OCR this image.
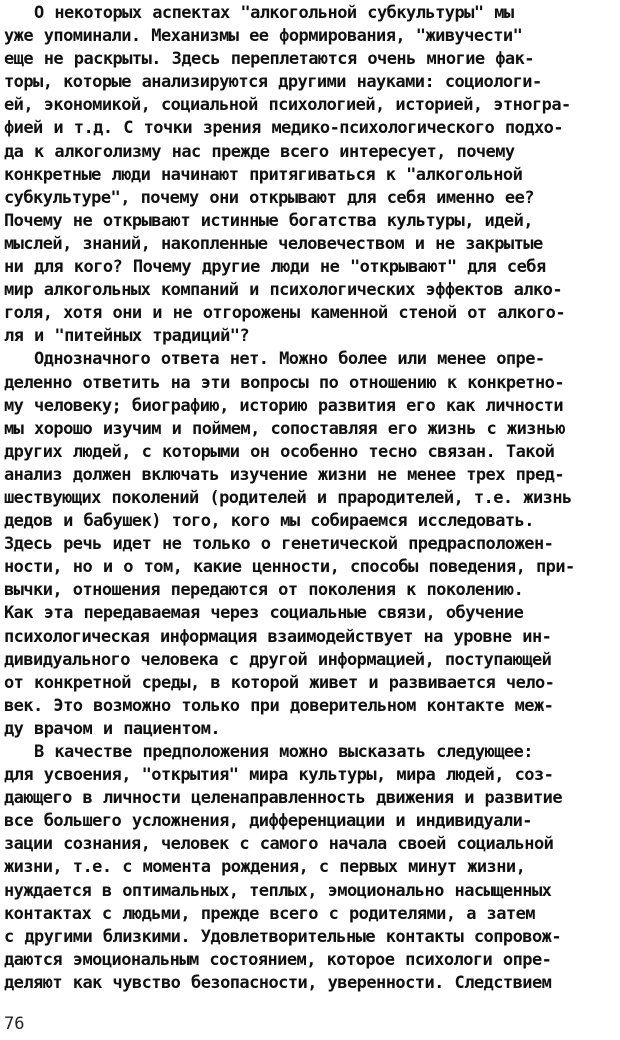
О некоторых аспектах "алкогольной субкультуры" мы
уже упоминали. Механизмы ее формирования, "живучести"
еще не раскрыты. Здесь переплетаются очень многие фак-
торы, которые анализируются другими науками: социологи-
ей, экономикой, социальной психологией, историей, этногра-
фией и т.д. С точки зрения медико-психологического подхо-
да к алкоголизму нас прежде всего интересует, почему
конкретные люди начинают притягиваться к "алкогольной
субкультуре", почему они открывают для себя именно ее?
Почему не открывают истинные богатства культуры, идей,
мыслей, знаний, накопленные человечеством и не закрытые
ни для кого? Почему другие люди не "открывают" для себя
мир алкогольных компаний и психологических эффектов алко-
голя, хотя они и не отгорожены каменной стеной от алкого-
ля и "питейных традиций"?
Однозначного ответа нет. Можно более или менее опре-
деленно ответить на эти вопросы по отношению к конкретно-
му человеку; биографию, историю развития его как личности
мы хорошо изучим и поймем, сопоставляя его жизнь с жизнью
других людей, с которыми он особенно тесно связан. Такой
анализ должен включать изучение жизни не менее трех пред-
шествующих поколений (родителей и прародителей, т.е. жизнь
дедов и бабушек) того, кого мы собираемся исследовать.
Здесь речь идет не только о генетической предрасположен-
ности, но и о том, какие ценности, способы поведения, при-
вычки, отношения передаются от поколения к поколению.
Как эта передаваемая через социальные связи, обучение
психологическая информация взаимодействует на уровне ин-
дивидуального человека с другой информацией, поступающей
от конкретной среды, в которой живет и развивается чело-
век. Это возможно только при доверительном контакте меж-
ду врачом и пациентом.
В качестве предположения можно высказать следующее:
для усвоения, "открытия" мира культуры, мира людей, соз-
дающего в личности целенаправленность движения и развитие
все большего усложнения, дифференциации и индивидуали-
зации сознания, человек с самого начала своей социальной
жизни, т.е. с момента рождения, с первых минут жизни,
нуждается в оптимальных, теплых, эмоционально насыщенных
контактах с людьми, прежде всего с родителями, а затем
с другими близкими. Удовлетворительные контакты сопровож-
даются эмоциональным состоянием, которое психологи опре-
деляют как чувство безопасности, уверенности. Следствием
76
